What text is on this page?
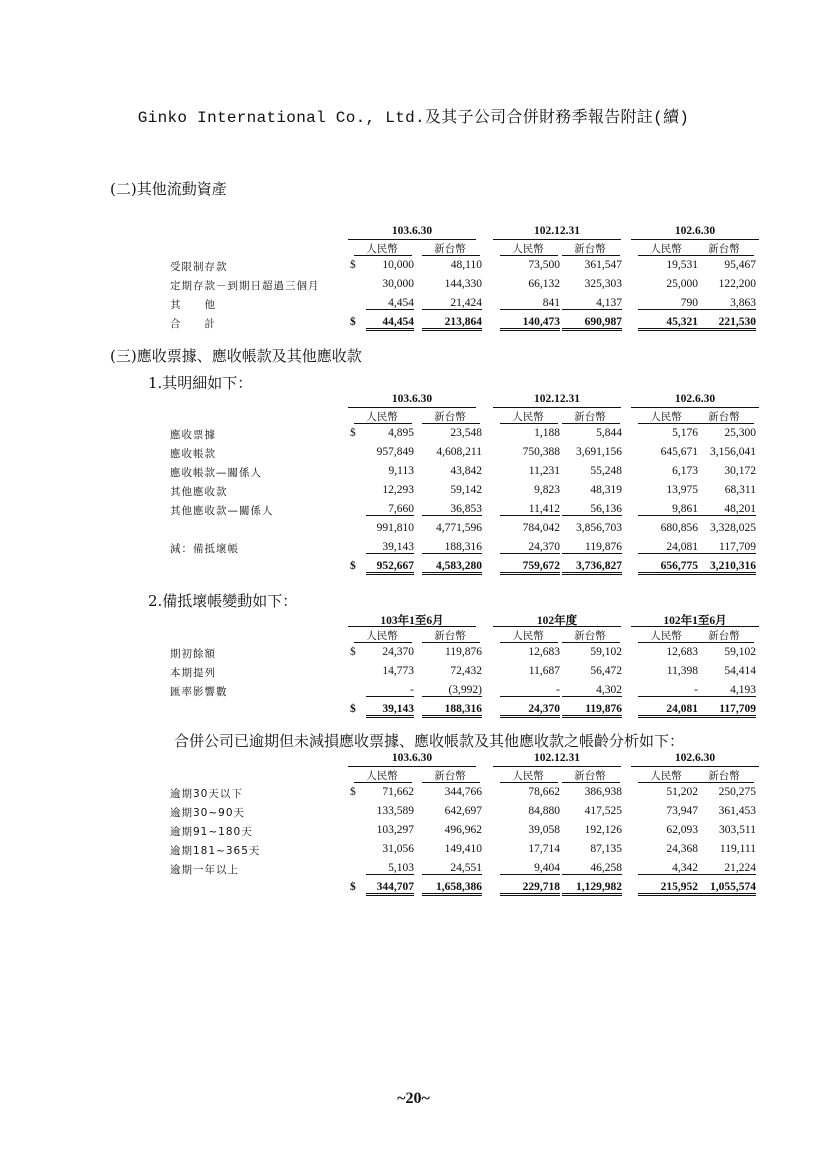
Ginko International Co., Ltd.及其子公司合併財務季報告附註(續)
(二)其他流動資產
103.6.30
人民幣	新台幣
102.12.31
人民幣	新台幣
102.6.30
人民幣	新台幣
受限制存款	$	10,000	48,110	73,500	361,547	19,531	95,467
定期存款－到期日超過三個月	30,000	144,330	66,132	325,303	25,000	122,200
其　　他	4,454	21,424	841	4,137	790	3,863
合　　計	$	44,454	213,864	140,473	690,987	45,321	221,530
(三)應收票據、應收帳款及其他應收款
1.其明細如下：
103.6.30
人民幣	新台幣
102.12.31
人民幣	新台幣
102.6.30
人民幣	新台幣
應收票據	$	4,895	23,548	1,188	5,844	5,176	25,300
應收帳款	957,849	4,608,211	750,388	3,691,156	645,671	3,156,041
應收帳款—關係人	9,113	43,842	11,231	55,248	6,173	30,172
其他應收款	12,293	59,142	9,823	48,319	13,975	68,311
其他應收款—關係人	7,660	36,853	11,412	56,136	9,861	48,201
991,810	4,771,596	784,042	3,856,703	680,856	3,328,025
減：備抵壞帳	39,143	188,316	24,370	119,876	24,081	117,709
$	952,667	4,583,280	759,672	3,736,827	656,775	3,210,316
2.備抵壞帳變動如下：
103年1至6月
人民幣	新台幣
102年度
人民幣	新台幣
102年1至6月
人民幣	新台幣
期初餘額	$	24,370	119,876	12,683	59,102	12,683	59,102
本期提列	14,773	72,432	11,687	56,472	11,398	54,414
匯率影響數	-	(3,992)	-	4,302	-	4,193
$	39,143	188,316	24,370	119,876	24,081	117,709
合併公司已逾期但未減損應收票據、應收帳款及其他應收款之帳齡分析如下：
103.6.30
人民幣	新台幣
102.12.31
人民幣	新台幣
102.6.30
人民幣	新台幣
逾期30天以下	$	71,662	344,766	78,662	386,938	51,202	250,275
逾期30~90天	133,589	642,697	84,880	417,525	73,947	361,453
逾期91~180天	103,297	496,962	39,058	192,126	62,093	303,511
逾期181~365天	31,056	149,410	17,714	87,135	24,368	119,111
逾期一年以上	5,103	24,551	9,404	46,258	4,342	21,224
$	344,707	1,658,386	229,718	1,129,982	215,952	1,055,574
~20~
